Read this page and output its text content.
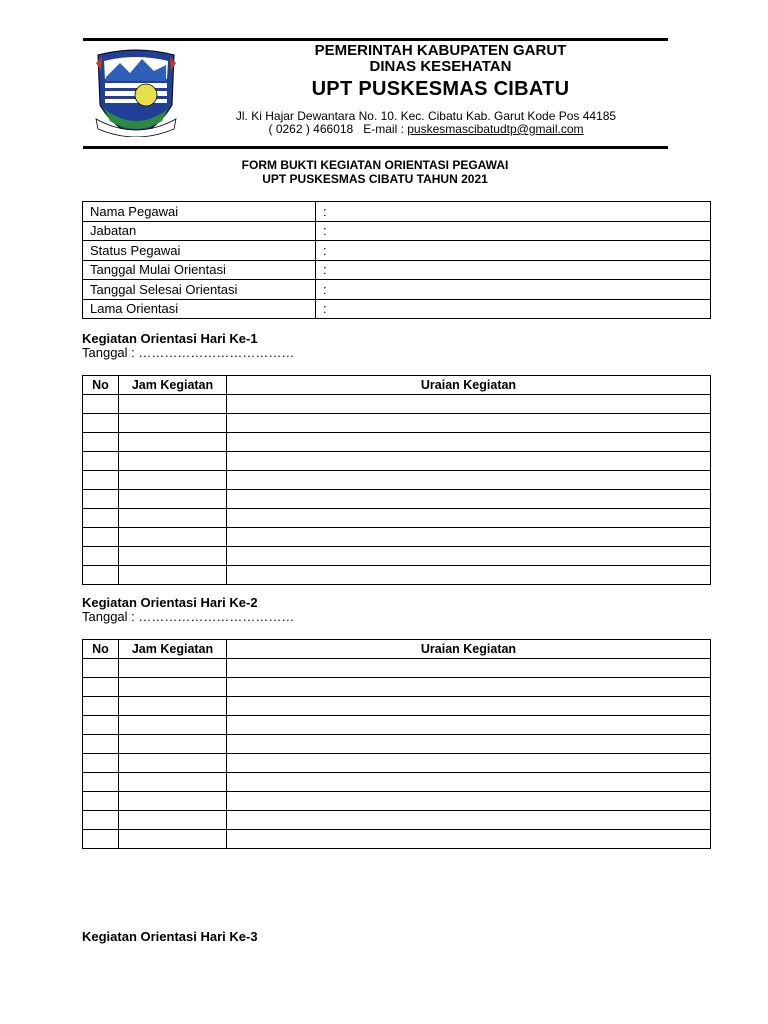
PEMERINTAH KABUPATEN GARUT
DINAS KESEHATAN
UPT PUSKESMAS CIBATU
Jl. Ki Hajar Dewantara No. 10. Kec. Cibatu Kab. Garut Kode Pos 44185
( 0262 ) 466018 E-mail : puskesmascibatudtp@gmail.com
FORM BUKTI KEGIATAN ORIENTASI PEGAWAI
UPT PUSKESMAS CIBATU TAHUN 2021
Nama Pegawai	:
Jabatan	:
Status Pegawai	:
Tanggal Mulai Orientasi	:
Tanggal Selesai Orientasi	:
Lama Orientasi	:
Kegiatan Orientasi Hari Ke-1
Tanggal : ………………………………
No	Jam Kegiatan	Uraian Kegiatan

Kegiatan Orientasi Hari Ke-2
Tanggal : ………………………………
No	Jam Kegiatan	Uraian Kegiatan

Kegiatan Orientasi Hari Ke-3
